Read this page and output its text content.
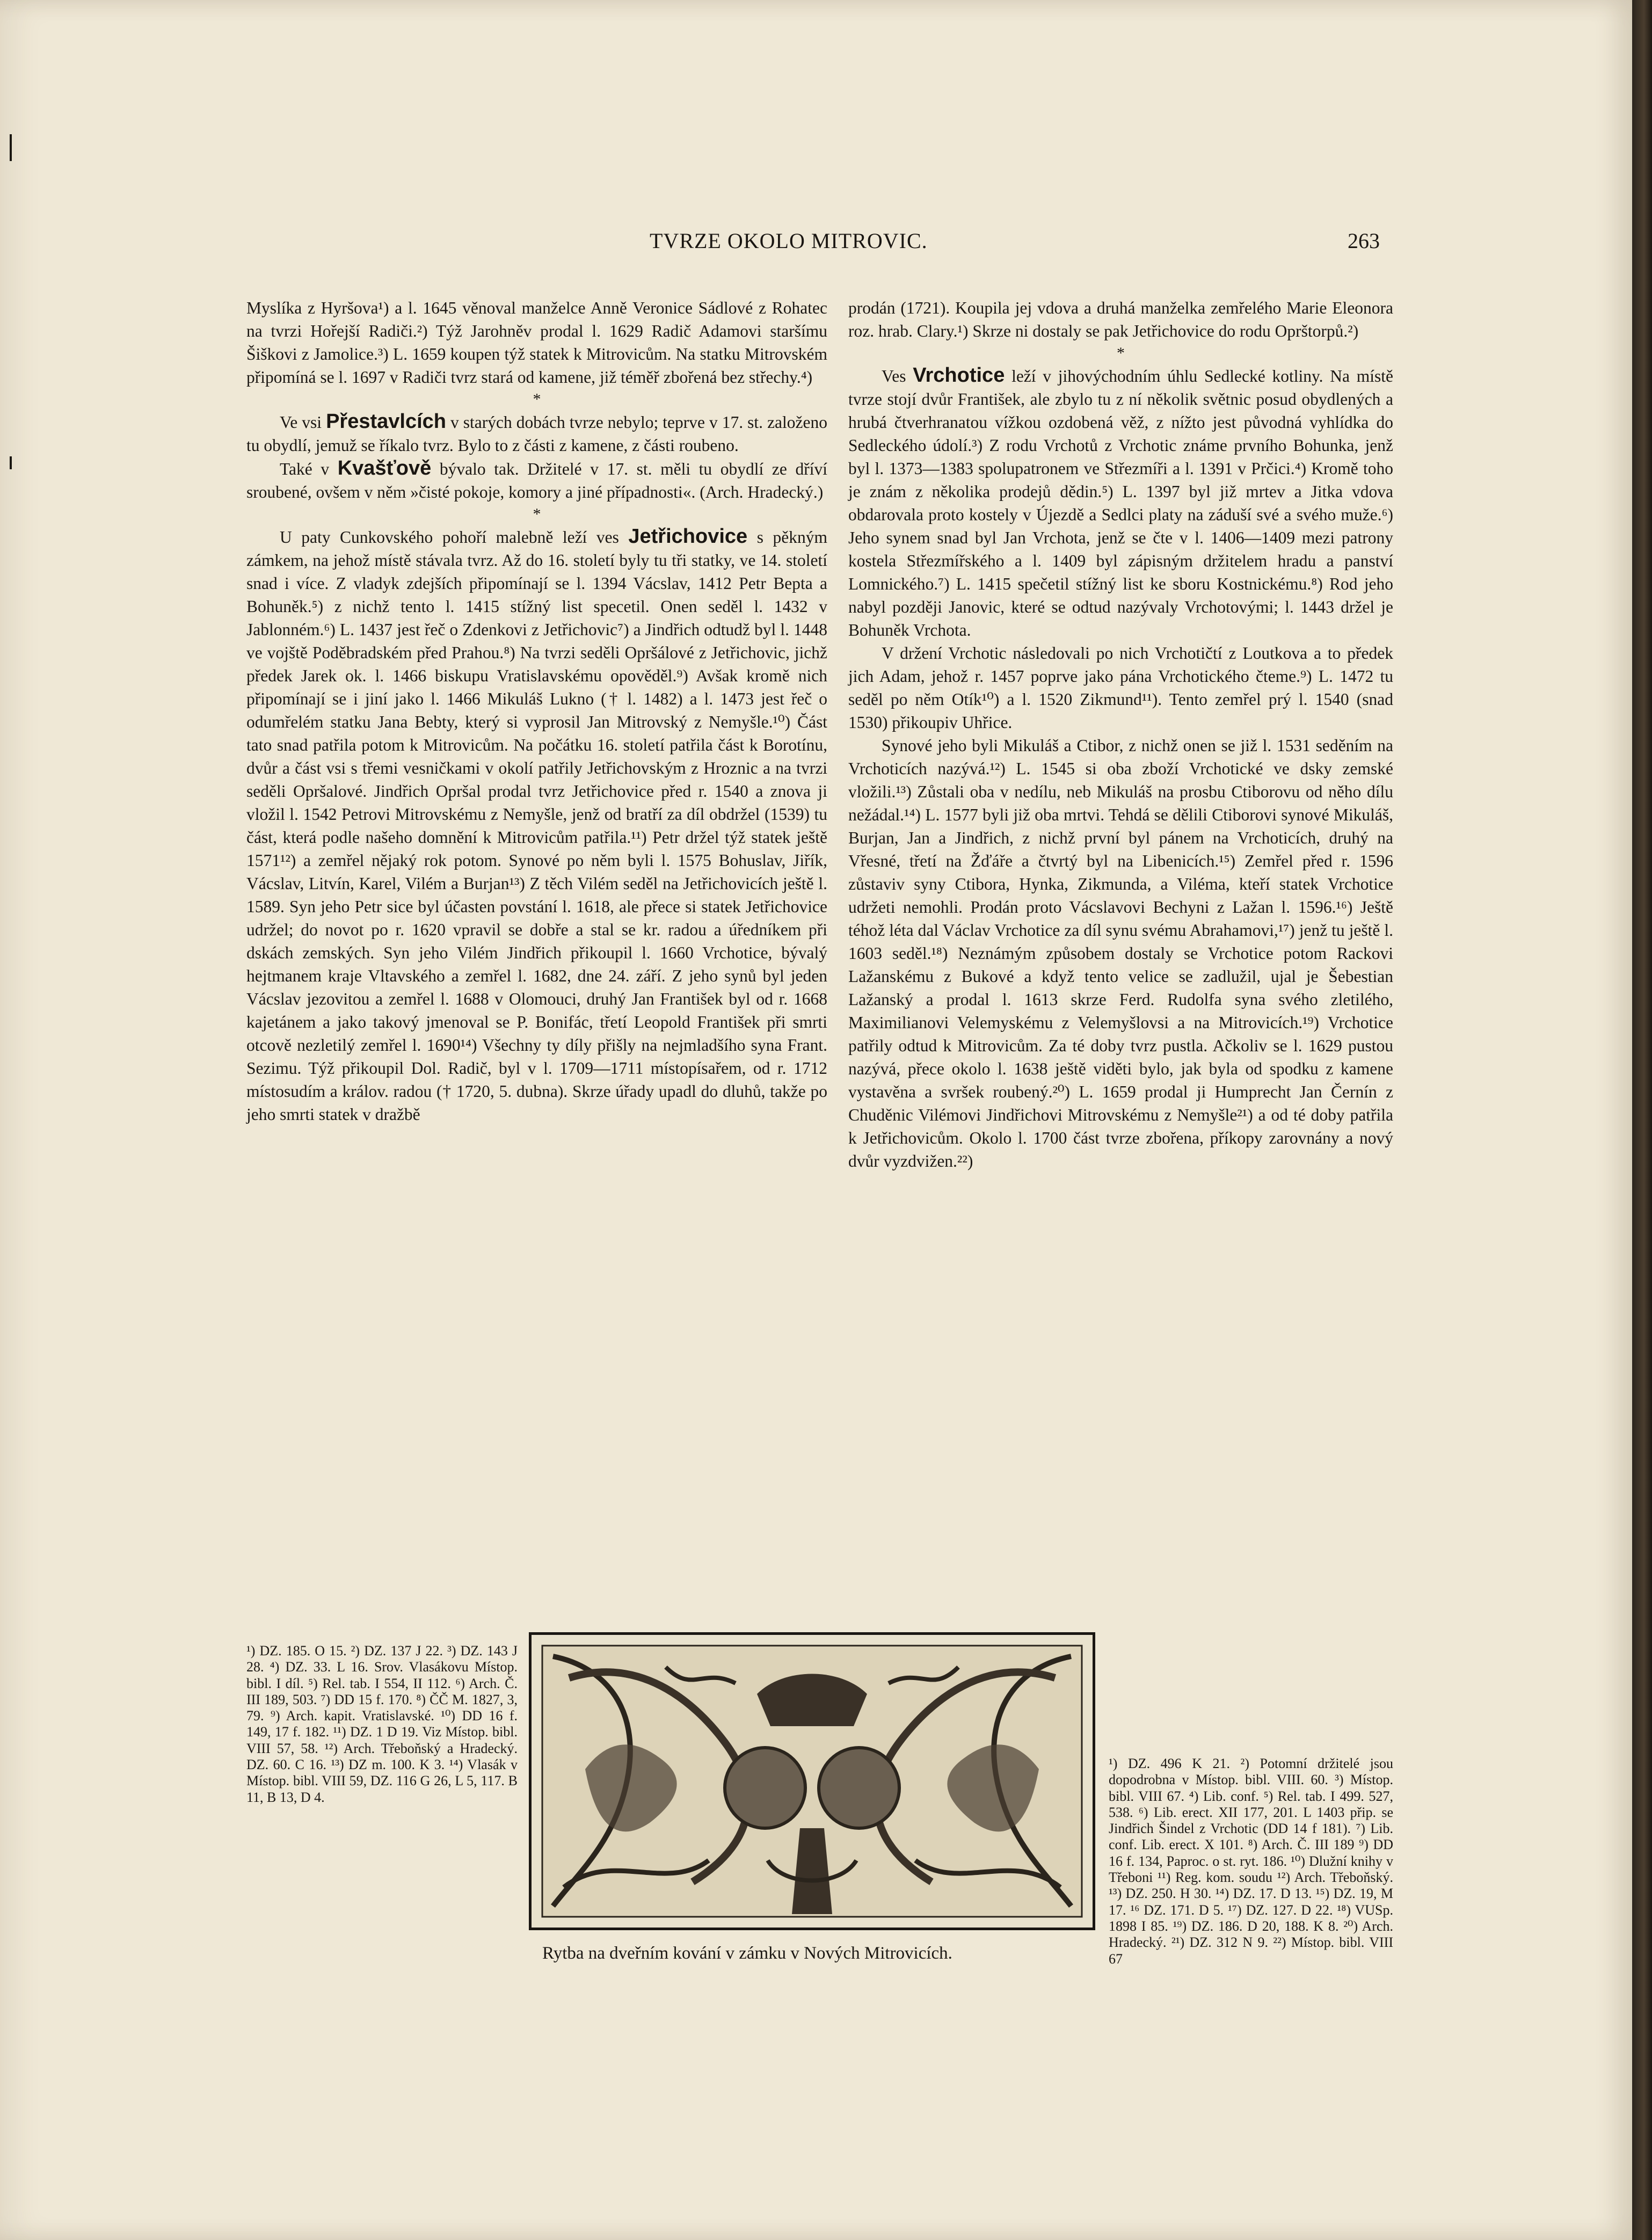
TVRZE OKOLO MITROVIC.	263

Myslíka z Hyršova¹) a l. 1645 věnoval manželce Anně Veronice Sádlové z Rohatec na tvrzi Hořejší Radiči.²) Týž Jarohněv prodal l. 1629 Radič Adamovi staršímu Šiškovi z Jamolice.³) L. 1659 koupen týž statek k Mitrovicům. Na statku Mitrovském připomíná se l. 1697 v Radiči tvrz stará od kamene, již téměř zbořená bez střechy.⁴)

*

Ve vsi Přestavlcích v starých dobách tvrze nebylo; teprve v 17. st. založeno tu obydlí, jemuž se říkalo tvrz. Bylo to z části z kamene, z části roubeno.

Také v Kvašťově bývalo tak. Držitelé v 17. st. měli tu obydlí ze dříví sroubené, ovšem v něm »čisté pokoje, komory a jiné případnosti«. (Arch. Hradecký.)

*

U paty Cunkovského pohoří malebně leží ves Jetřichovice s pěkným zámkem, na jehož místě stávala tvrz. Až do 16. století byly tu tři statky, ve 14. století snad i více. Z vladyk zdejších připomínají se l. 1394 Vácslav, 1412 Petr Bepta a Bohuněk.⁵) z nichž tento l. 1415 stížný list specetil. Onen seděl l. 1432 v Jablonném.⁶) L. 1437 jest řeč o Zdenkovi z Jetřichovic⁷) a Jindřich odtudž byl l. 1448 ve vojště Poděbradském před Prahou.⁸) Na tvrzi seděli Opršálové z Jetřichovic, jichž předek Jarek ok. l. 1466 biskupu Vratislavskému opověděl.⁹) Avšak kromě nich připomínají se i jiní jako l. 1466 Mikuláš Lukno († l. 1482) a l. 1473 jest řeč o odumřelém statku Jana Bebty, který si vyprosil Jan Mitrovský z Nemyšle.¹⁰) Část tato snad patřila potom k Mitrovicům. Na počátku 16. století patřila část k Borotínu, dvůr a část vsi s třemi vesničkami v okolí patřily Jetřichovským z Hroznic a na tvrzi seděli Opršalové. Jindřich Opršal prodal tvrz Jetřichovice před r. 1540 a znova ji vložil l. 1542 Petrovi Mitrovskému z Nemyšle, jenž od bratří za díl obdržel (1539) tu část, která podle našeho domnění k Mitrovicům patřila.¹¹) Petr držel týž statek ještě 1571¹²) a zemřel nějaký rok potom. Synové po něm byli l. 1575 Bohuslav, Jiřík, Vácslav, Litvín, Karel, Vilém a Burjan¹³) Z těch Vilém seděl na Jetřichovicích ještě l. 1589. Syn jeho Petr sice byl účasten povstání l. 1618, ale přece si statek Jetřichovice udržel; do novot po r. 1620 vpravil se dobře a stal se kr. radou a úředníkem při dskách zemských. Syn jeho Vilém Jindřich přikoupil l. 1660 Vrchotice, bývalý hejtmanem kraje Vltavského a zemřel l. 1682, dne 24. září. Z jeho synů byl jeden Vácslav jezovitou a zemřel l. 1688 v Olomouci, druhý Jan František byl od r. 1668 kajetánem a jako takový jmenoval se P. Bonifác, třetí Leopold František při smrti otcově nezletilý zemřel l. 1690¹⁴) Všechny ty díly přišly na nejmladšího syna Frant. Sezimu. Týž přikoupil Dol. Radič, byl v l. 1709—1711 místopísařem, od r. 1712 místosudím a králov. radou († 1720, 5. dubna). Skrze úřady upadl do dluhů, takže po jeho smrti statek v dražbě

¹) DZ. 185. O 15. ²) DZ. 137 J 22. ³) DZ. 143 J 28. ⁴) DZ. 33. L 16. Srov. Vlasákovu Místop. bibl. I díl. ⁵) Rel. tab. I 554, II 112. ⁶) Arch. Č. III 189, 503. ⁷) DD 15 f. 170. ⁸) ČČ M. 1827, 3, 79. ⁹) Arch. kapit. Vratislavské. ¹⁰) DD 16 f. 149, 17 f. 182. ¹¹) DZ. 1 D 19. Viz Místop. bibl. VIII 57, 58. ¹²) Arch. Třeboňský a Hradecký. DZ. 60. C 16. ¹³) DZ m. 100. K 3. ¹⁴) Vlasák v Místop. bibl. VIII 59, DZ. 116 G 26, L 5, 117. B 11, B 13, D 4.

prodán (1721). Koupila jej vdova a druhá manželka zemřelého Marie Eleonora roz. hrab. Clary.¹) Skrze ni dostaly se pak Jetřichovice do rodu Oprštorpů.²)

*

Ves Vrchotice leží v jihovýchodním úhlu Sedlecké kotliny. Na místě tvrze stojí dvůr František, ale zbylo tu z ní několik světnic posud obydlených a hrubá čtverhranatou vížkou ozdobená věž, z nížto jest původná vyhlídka do Sedleckého údolí.³) Z rodu Vrchotů z Vrchotic známe prvního Bohunka, jenž byl l. 1373—1383 spolupatronem ve Střezmíři a l. 1391 v Prčici.⁴) Kromě toho je znám z několika prodejů dědin.⁵) L. 1397 byl již mrtev a Jitka vdova obdarovala proto kostely v Újezdě a Sedlci platy na záduší své a svého muže.⁶) Jeho synem snad byl Jan Vrchota, jenž se čte v l. 1406—1409 mezi patrony kostela Střezmířského a l. 1409 byl zápisným držitelem hradu a panství Lomnického.⁷) L. 1415 spečetil stížný list ke sboru Kostnickému.⁸) Rod jeho nabyl později Janovic, které se odtud nazývaly Vrchotovými; l. 1443 držel je Bohuněk Vrchota.

V držení Vrchotic následovali po nich Vrchotičtí z Loutkova a to předek jich Adam, jehož r. 1457 poprve jako pána Vrchotického čteme.⁹) L. 1472 tu seděl po něm Otík¹⁰) a l. 1520 Zikmund¹¹). Tento zemřel prý l. 1540 (snad 1530) přikoupiv Uhřice.

Synové jeho byli Mikuláš a Ctibor, z nichž onen se již l. 1531 seděním na Vrchoticích nazývá.¹²) L. 1545 si oba zboží Vrchotické ve dsky zemské vložili.¹³) Zůstali oba v nedílu, neb Mikuláš na prosbu Ctiborovu od něho dílu nežádal.¹⁴) L. 1577 byli již oba mrtvi. Tehdá se dělili Ctiborovi synové Mikuláš, Burjan, Jan a Jindřich, z nichž první byl pánem na Vrchoticích, druhý na Vřesné, třetí na Žďáře a čtvrtý byl na Libenicích.¹⁵) Zemřel před r. 1596 zůstaviv syny Ctibora, Hynka, Zikmunda, a Viléma, kteří statek Vrchotice udržeti nemohli. Prodán proto Vácslavovi Bechyni z Lažan l. 1596.¹⁶) Ještě téhož léta dal Václav Vrchotice za díl synu svému Abrahamovi,¹⁷) jenž tu ještě l. 1603 seděl.¹⁸) Neznámým způsobem dostaly se Vrchotice potom Rackovi Lažanskému z Bukové a když tento velice se zadlužil, ujal je Šebestian Lažanský a prodal l. 1613 skrze Ferd. Rudolfa syna svého zletilého, Maximilianovi Velemyskému z Velemyšlovsi a na Mitrovicích.¹⁹) Vrchotice patřily odtud k Mitrovicům. Za té doby tvrz pustla. Ačkoliv se l. 1629 pustou nazývá, přece okolo l. 1638 ještě viděti bylo, jak byla od spodku z kamene vystavěna a svršek roubený.²⁰) L. 1659 prodal ji Humprecht Jan Černín z Chuděnic Vilémovi Jindřichovi Mitrovskému z Nemyšle²¹) a od té doby patřila k Jetřichovicům. Okolo l. 1700 část tvrze zbořena, příkopy zarovnány a nový dvůr vyzdvižen.²²)

¹) DZ. 496 K 21. ²) Potomní držitelé jsou dopodrobna v Místop. bibl. VIII. 60. ³) Místop. bibl. VIII 67. ⁴) Lib. conf. ⁵) Rel. tab. I 499. 527, 538. ⁶) Lib. erect. XII 177, 201. L 1403 přip. se Jindřich Šindel z Vrchotic (DD 14 f 181). ⁷) Lib. conf. Lib. erect. X 101. ⁸) Arch. Č. III 189 ⁹) DD 16 f. 134, Paproc. o st. ryt. 186. ¹⁰) Dlužní knihy v Třeboni ¹¹) Reg. kom. soudu ¹²) Arch. Třeboňský. ¹³) DZ. 250. H 30. ¹⁴) DZ. 17. D 13. ¹⁵) DZ. 19, M 17. ¹⁶ DZ. 171. D 5. ¹⁷) DZ. 127. D 22. ¹⁸) VUSp. 1898 I 85. ¹⁹) DZ. 186. D 20, 188. K 8. ²⁰) Arch. Hradecký. ²¹) DZ. 312 N 9. ²²) Místop. bibl. VIII 67

Rytba na dveřním kování v zámku v Nových Mitrovicích.
